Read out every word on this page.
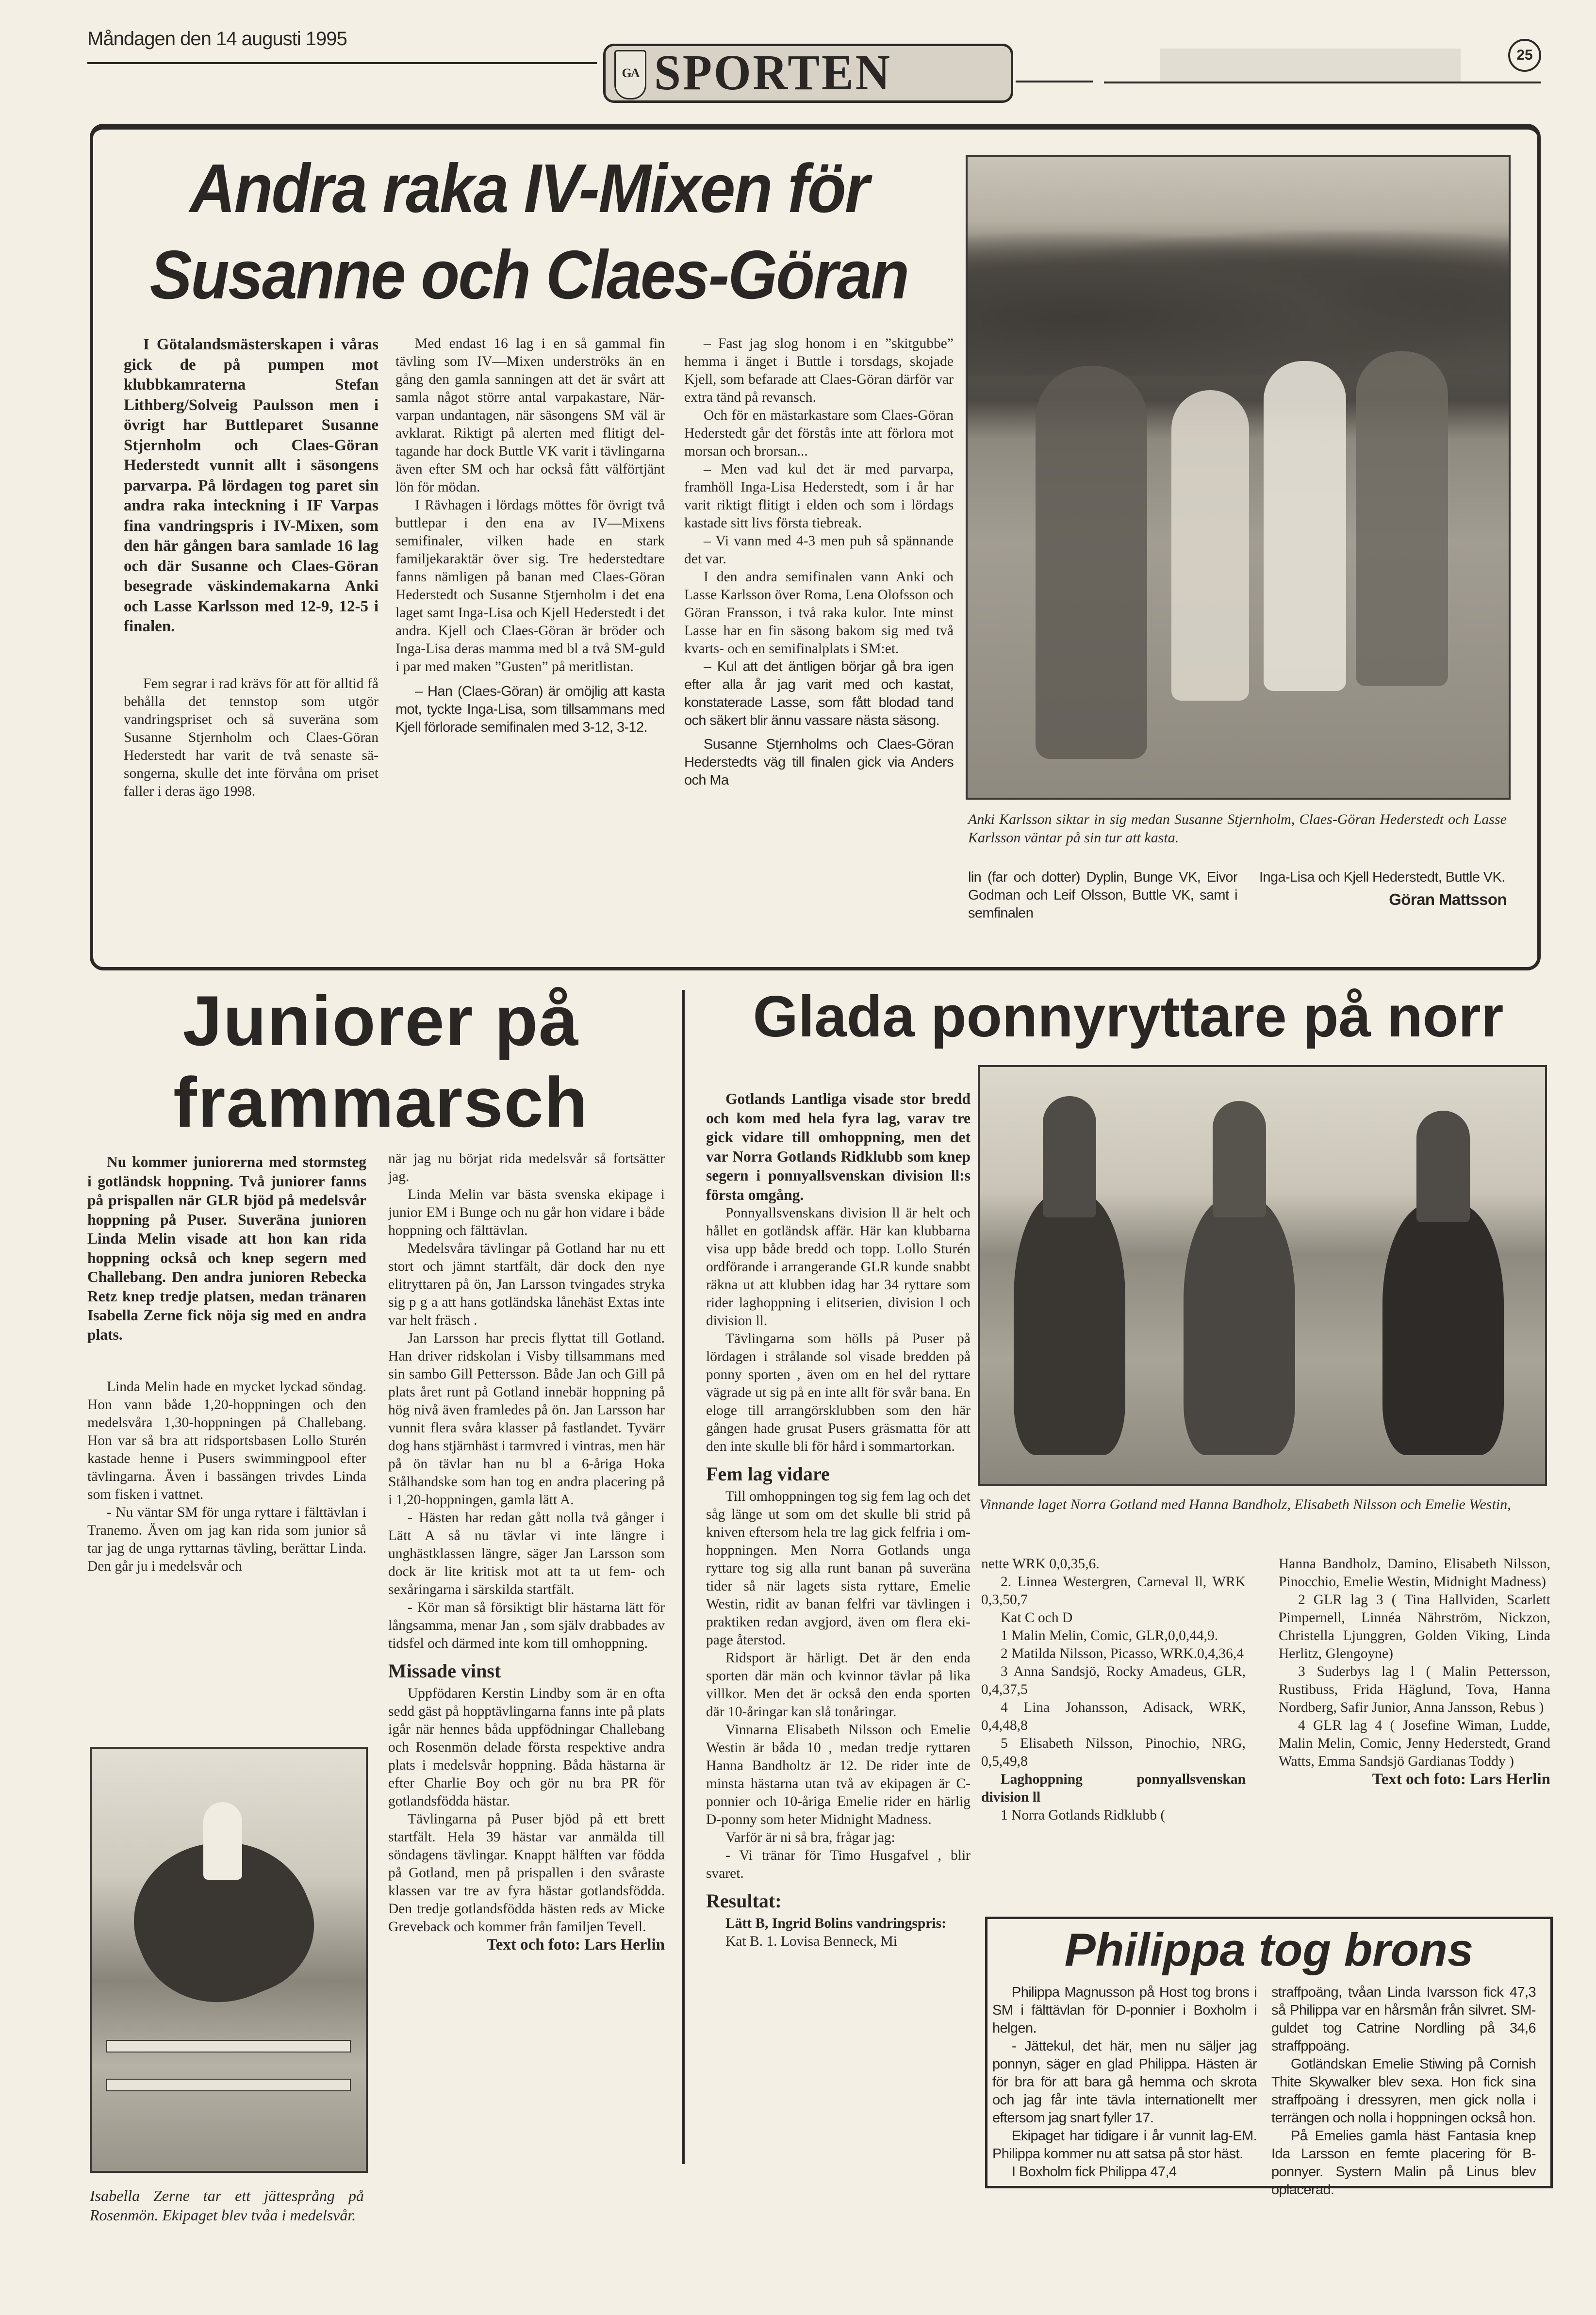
Måndagen den 14 augusti 1995
GA SPORTEN	25
Andra raka IV-Mixen för
Susanne och Claes-Göran

I Götalandsmästerskapen i våras gick de på pumpen mot klubbkamraterna Stefan Lithberg/Solveig Paulsson men i övrigt har Buttleparet Susanne Stjernholm och Claes-Göran Hederstedt vunnit allt i säsongens parvarpa. På lördagen tog paret sin andra raka inteckning i IF Varpas fina vandringspris i IV-Mixen, som den här gången bara samlade 16 lag och där Susanne och Claes-Göran besegrade väskindemakarna Anki och Lasse Karlsson med 12-9, 12-5 i finalen.

Fem segrar i rad krävs för att för alltid få behålla det tennstop som utgör vandringspriset och så suveräna som Susanne Stjernholm och Claes-Göran Hederstedt har varit de två senaste säsongerna, skulle det inte förvåna om priset faller i deras ägo 1998.

Med endast 16 lag i en så gammal fin tävling som IV—Mixen underströks än en gång den gamla sanningen att det är svårt att samla något större antal varpakastare, När-varpan undantagen, när säsongens SM väl är avklarat. Riktigt på alerten med flitigt deltagande har dock Buttle VK varit i tävlingarna även efter SM och har också fått välförtjänt lön för mödan.

I Rävhagen i lördags möttes för övrigt två buttlepar i den ena av IV—Mixens semifinaler, vilken hade en stark familjekaraktär över sig. Tre hederstedtare fanns nämligen på banan med Claes-Göran Hederstedt och Susanne Stjernholm i det ena laget samt Inga-Lisa och Kjell Hederstedt i det andra. Kjell och Claes-Göran är bröder och Inga-Lisa deras mamma med bl a två SM-guld i par med maken ”Gusten” på meritlistan.

– Han (Claes-Göran) är omöjlig att kasta mot, tyckte Inga-Lisa, som tillsammans med Kjell förlorade semifinalen med 3-12, 3-12.

– Fast jag slog honom i en ”skitgubbe” hemma i änget i Buttle i torsdags, skojade Kjell, som befarade att Claes-Göran därför var extra tänd på revansch.

Och för en mästarkastare som Claes-Göran Hederstedt går det förstås inte att förlora mot morsan och brorsan...

– Men vad kul det är med parvarpa, framhöll Inga-Lisa Hederstedt, som i år har varit riktigt flitigt i elden och som i lördags kastade sitt livs första tiebreak.

– Vi vann med 4-3 men puh så spännande det var.

I den andra semifinalen vann Anki och Lasse Karlsson över Roma, Lena Olofsson och Göran Fransson, i två raka kulor. Inte minst Lasse har en fin säsong bakom sig med två kvarts- och en semifinalplats i SM:et.

– Kul att det äntligen börjar gå bra igen efter alla år jag varit med och kastat, konstaterade Lasse, som fått blodad tand och säkert blir ännu vassare nästa säsong.

Susanne Stjernholms och Claes-Göran Hederstedts väg till finalen gick via Anders och Ma

Anki Karlsson siktar in sig medan Susanne Stjernholm, Claes-Göran Hederstedt och Lasse Karlsson väntar på sin tur att kasta.

lin (far och dotter) Dyplin, Bunge VK, Eivor Godman och Leif Olsson, Buttle VK, samt i semfinalen

Inga-Lisa och Kjell Hederstedt, Buttle VK.

Göran Mattsson
Juniorer på
frammarsch

Nu kommer juniorerna med stormsteg i gotländsk hoppning. Två juniorer fanns på prispallen när GLR bjöd på medelsvår hoppning på Puser. Suveräna junioren Linda Melin visade att hon kan rida hoppning också och knep segern med Challebang. Den andra junioren Rebecka Retz knep tredje platsen, medan tränaren Isabella Zerne fick nöja sig med en andra plats.

Linda Melin hade en mycket lyckad söndag. Hon vann både 1,20-hoppningen och den medelsvåra 1,30-hoppningen på Challebang. Hon var så bra att ridsportsbasen Lollo Sturén kastade henne i Pusers swimmingpool efter tävlingarna. Även i bassängen trivdes Linda som fisken i vattnet.

- Nu väntar SM för unga ryttare i fälttävlan i Tranemo. Även om jag kan rida som junior så tar jag de unga ryttarnas tävling, berättar Linda. Den går ju i medelsvår och

Isabella Zerne tar ett jättesprång på Rosenmön. Ekipaget blev tvåa i medelsvår.

när jag nu börjat rida medelsvår så fortsätter jag.

Linda Melin var bästa svenska ekipage i junior EM i Bunge och nu går hon vidare i både hoppning och fälttävlan.

Medelsvåra tävlingar på Gotland har nu ett stort och jämnt startfält, där dock den nye elitryttaren på ön, Jan Larsson tvingades stryka sig p g a att hans gotländska lånehäst Extas inte var helt fräsch .

Jan Larsson har precis flyttat till Gotland. Han driver ridskolan i Visby tillsammans med sin sambo Gill Pettersson. Både Jan och Gill på plats året runt på Gotland innebär hoppning på hög nivå även framledes på ön. Jan Larsson har vunnit flera svåra klasser på fastlandet. Tyvärr dog hans stjärnhäst i tarmvred i vintras, men här på ön tävlar han nu bl a 6-åriga Hoka Stålhandske som han tog en andra placering på i 1,20-hoppningen, gamla lätt A.

- Hästen har redan gått nolla två gånger i Lätt A så nu tävlar vi inte längre i unghästklassen längre, säger Jan Larsson som dock är lite kritisk mot att ta ut fem- och sexåringarna i särskilda startfält.

- Kör man så försiktigt blir hästarna lätt för långsamma, menar Jan , som själv drabbades av tidsfel och därmed inte kom till omhoppning.

Missade vinst

Uppfödaren Kerstin Lindby som är en ofta sedd gäst på hopptävlingarna fanns inte på plats igår när hennes båda uppfödningar Challebang och Rosenmön delade första respektive andra plats i medelsvår hoppning. Båda hästarna är efter Charlie Boy och gör nu bra PR för gotlandsfödda hästar.

Tävlingarna på Puser bjöd på ett brett startfält. Hela 39 hästar var anmälda till söndagens tävlingar. Knappt hälften var födda på Gotland, men på prispallen i den svåraste klassen var tre av fyra hästar gotlandsfödda. Den tredje gotlandsfödda hästen reds av Micke Greveback och kommer från familjen Tevell.

Text och foto: Lars Herlin
Glada ponnyryttare på norr

Gotlands Lantliga visade stor bredd och kom med hela fyra lag, varav tre gick vidare till omhoppning, men det var Norra Gotlands Ridklubb som knep segern i ponnyallsvenskan division ll:s första omgång.

Ponnyallsvenskans division ll är helt och hållet en gotländsk affär. Här kan klubbarna visa upp både bredd och topp. Lollo Sturén ordförande i arrangerande GLR kunde snabbt räkna ut att klubben idag har 34 ryttare som rider laghoppning i elitserien, division l och division ll.

Tävlingarna som hölls på Puser på lördagen i strålande sol visade bredden på ponny sporten , även om en hel del ryttare vägrade ut sig på en inte allt för svår bana. En eloge till arrangörsklubben som den här gången hade grusat Pusers gräsmatta för att den inte skulle bli för hård i sommartorkan.

Fem lag vidare

Till omhoppningen tog sig fem lag och det såg länge ut som om det skulle bli strid på kniven eftersom hela tre lag gick felfria i omhoppningen. Men Norra Gotlands unga ryttare tog sig alla runt banan på suveräna tider så när lagets sista ryttare, Emelie Westin, ridit av banan felfri var tävlingen i praktiken redan avgjord, även om flera ekipage återstod.

Ridsport är härligt. Det är den enda sporten där män och kvinnor tävlar på lika villkor. Men det är också den enda sporten där 10-åringar kan slå tonåringar.

Vinnarna Elisabeth Nilsson och Emelie Westin är båda 10 , medan tredje ryttaren Hanna Bandholtz är 12. De rider inte de minsta hästarna utan två av ekipagen är C-ponnier och 10-åriga Emelie rider en härlig D-ponny som heter Midnight Madness.

Varför är ni så bra, frågar jag:

- Vi tränar för Timo Husgafvel , blir svaret.

Resultat:

Lätt B, Ingrid Bolins vandringspris:

Kat B. 1. Lovisa Benneck, Mi

Vinnande laget Norra Gotland med Hanna Bandholz, Elisabeth Nilsson och Emelie Westin,

nette WRK 0,0,35,6.

2. Linnea Westergren, Carneval ll, WRK 0,3,50,7

Kat C och D

1 Malin Melin, Comic, GLR,0,0,44,9.

2 Matilda Nilsson, Picasso, WRK.0,4,36,4

3 Anna Sandsjö, Rocky Amadeus, GLR, 0,4,37,5

4 Lina Johansson, Adisack, WRK, 0,4,48,8

5 Elisabeth Nilsson, Pinochio, NRG, 0,5,49,8

Laghoppning ponnyallsvenskan division ll

1 Norra Gotlands Ridklubb (

Hanna Bandholz, Damino, Elisabeth Nilsson, Pinocchio, Emelie Westin, Midnight Madness)

2 GLR lag 3 ( Tina Hallviden, Scarlett Pimpernell, Linnéa Nährström, Nickzon, Christella Ljunggren, Golden Viking, Linda Herlitz, Glengoyne)

3 Suderbys lag l ( Malin Pettersson, Rustibuss, Frida Häglund, Tova, Hanna Nordberg, Safir Junior, Anna Jansson, Rebus )

4 GLR lag 4 ( Josefine Wiman, Ludde, Malin Melin, Comic, Jenny Hederstedt, Grand Watts, Emma Sandsjö Gardianas Toddy )

Text och foto: Lars Herlin
Philippa tog brons

Philippa Magnusson på Host tog brons i SM i fälttävlan för D-ponnier i Boxholm i helgen.

- Jättekul, det här, men nu säljer jag ponnyn, säger en glad Philippa. Hästen är för bra för att bara gå hemma och skrota och jag får inte tävla internationellt mer eftersom jag snart fyller 17.

Ekipaget har tidigare i år vunnit lag-EM. Philippa kommer nu att satsa på stor häst.

I Boxholm fick Philippa 47,4

straffpoäng, tvåan Linda Ivarsson fick 47,3 så Philippa var en hårsmån från silvret. SM-guldet tog Catrine Nordling på 34,6 straffppoäng.

Gotländskan Emelie Stiwing på Cornish Thite Skywalker blev sexa. Hon fick sina straffpoäng i dressyren, men gick nolla i terrängen och nolla i hoppningen också hon.

På Emelies gamla häst Fantasia knep Ida Larsson en femte placering för B-ponnyer. Systern Malin på Linus blev oplacerad.
